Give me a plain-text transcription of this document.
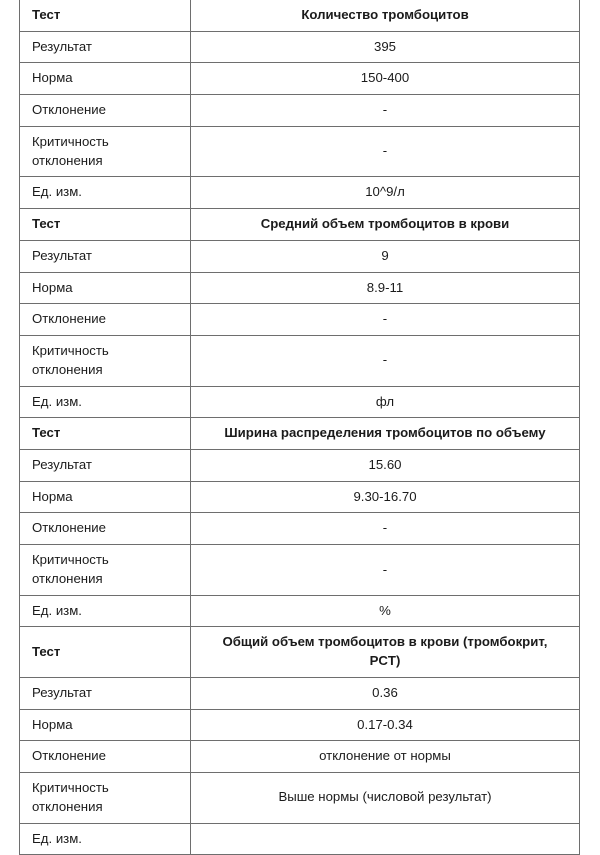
Тест	Количество тромбоцитов
Результат	395
Норма	150-400
Отклонение	-

Критичность
отклонения	-
Ед. изм.	10^9/л
Тест	Средний объем тромбоцитов в крови
Результат	9
Норма	8.9-11
Отклонение	-

Критичность
отклонения	-
Ед. изм.	фл
Тест	Ширина распределения тромбоцитов по объему
Результат	15.60
Норма	9.30-16.70
Отклонение	-

Критичность
отклонения	-
Ед. изм.	%
Тест	Общий объем тромбоцитов в крови (тромбокрит, PCT)
Результат	0.36
Норма	0.17-0.34
Отклонение	отклонение от нормы

Критичность
отклонения	Выше нормы (числовой результат)
Ед. изм.	
